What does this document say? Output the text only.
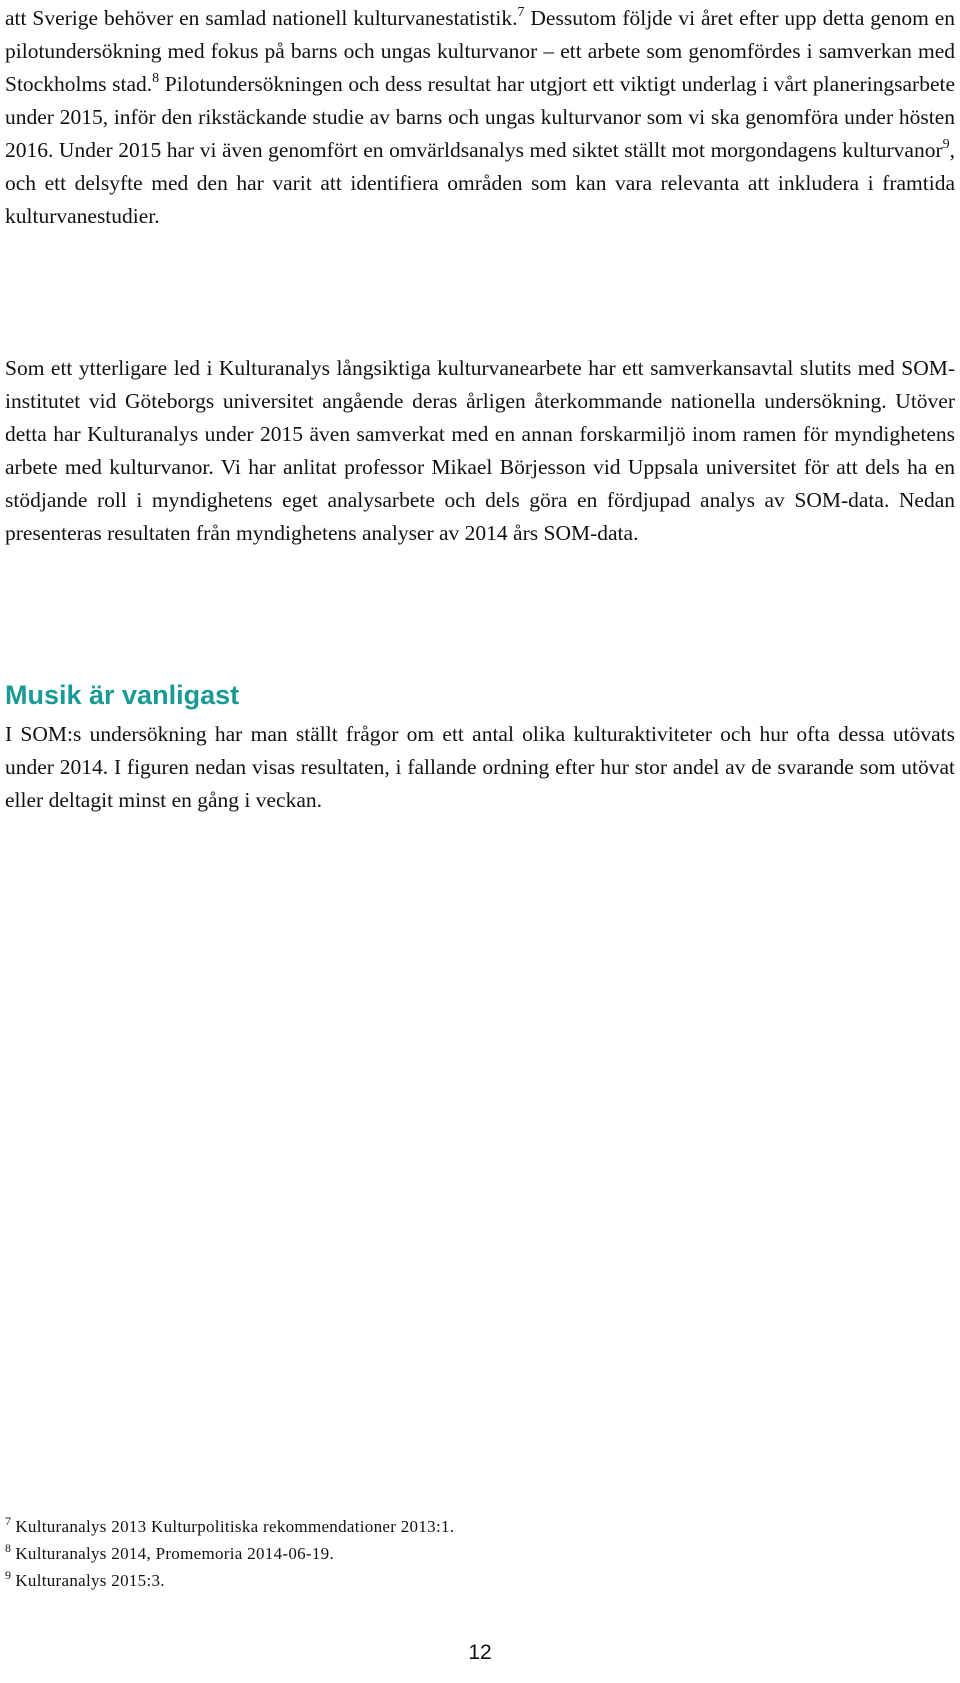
att Sverige behöver en samlad nationell kulturvanestatistik.$^7$ Dessutom följde vi året efter upp detta genom en pilotundersökning med fokus på barns och ungas kulturvanor – ett arbete som genomfördes i samverkan med Stockholms stad.$^8$ Pilotundersökningen och dess resultat har utgjort ett viktigt underlag i vårt planeringsarbete under 2015, inför den rikstäckande studie av barns och ungas kulturvanor som vi ska genomföra under hösten 2016. Under 2015 har vi även genomfört en omvärldsanalys med siktet ställt mot morgondagens kulturvanor$^9$, och ett delsyfte med den har varit att identifiera områden som kan vara relevanta att inkludera i framtida kulturvanestudier.

Som ett ytterligare led i Kulturanalys långsiktiga kulturvanearbete har ett samverkansavtal slutits med SOM-institutet vid Göteborgs universitet angående deras årligen återkommande nationella undersökning. Utöver detta har Kulturanalys under 2015 även samverkat med en annan forskarmiljö inom ramen för myndighetens arbete med kulturvanor. Vi har anlitat professor Mikael Börjesson vid Uppsala universitet för att dels ha en stödjande roll i myndighetens eget analysarbete och dels göra en fördjupad analys av SOM-data. Nedan presenteras resultaten från myndighetens analyser av 2014 års SOM-data.

Musik är vanligast

I SOM:s undersökning har man ställt frågor om ett antal olika kulturaktiviteter och hur ofta dessa utövats under 2014. I figuren nedan visas resultaten, i fallande ordning efter hur stor andel av de svarande som utövat eller deltagit minst en gång i veckan.

$^7$ Kulturanalys 2013 Kulturpolitiska rekommendationer 2013:1.
$^8$ Kulturanalys 2014, Promemoria 2014-06-19.
$^9$ Kulturanalys 2015:3.
12
